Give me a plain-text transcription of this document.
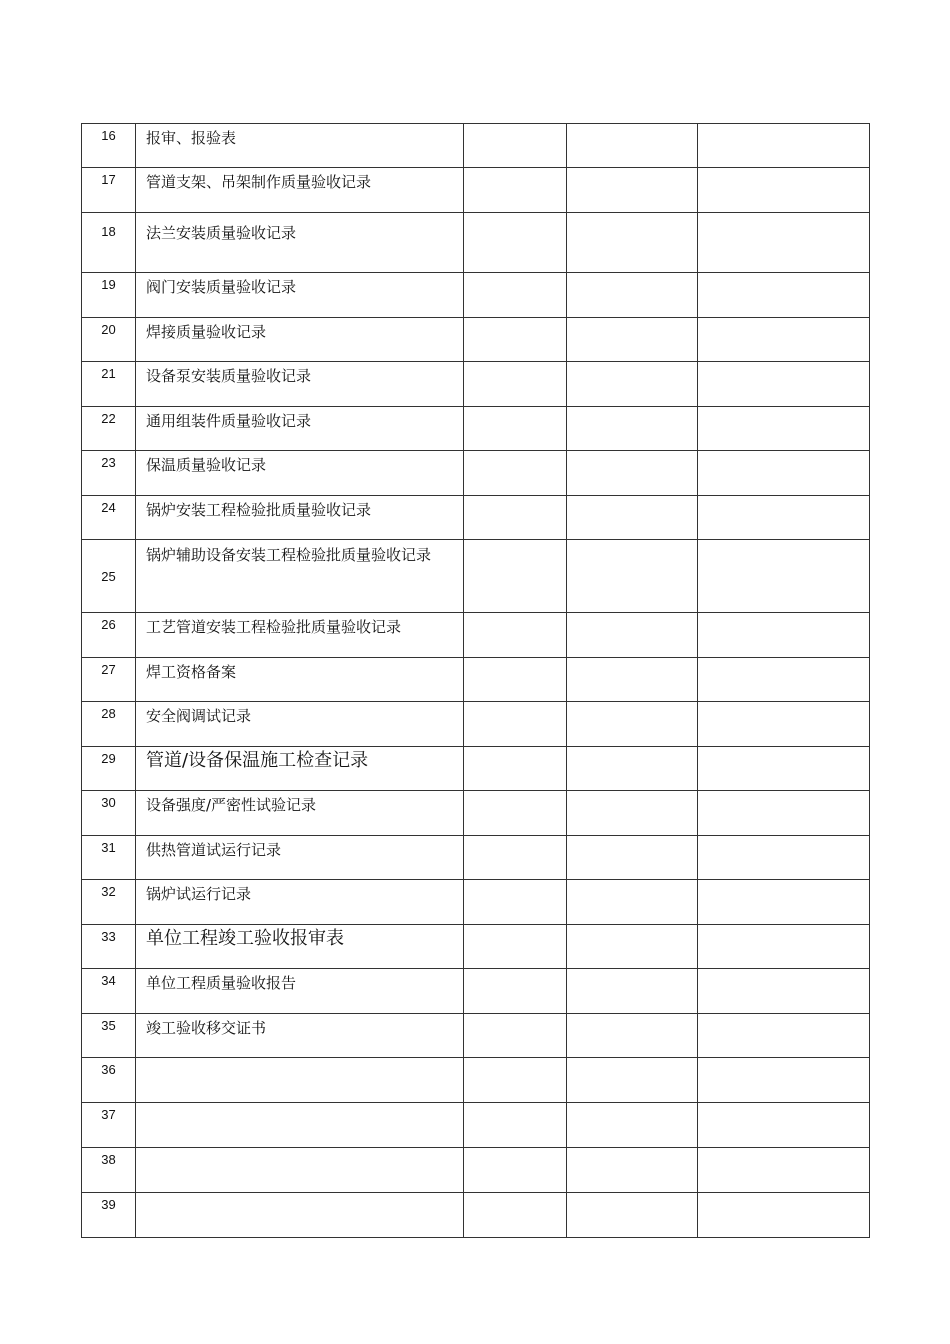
16	报审、报验表			
17	管道支架、吊架制作质量验收记录			
18	法兰安装质量验收记录			
19	阀门安装质量验收记录			
20	焊接质量验收记录			
21	设备泵安装质量验收记录			
22	通用组装件质量验收记录			
23	保温质量验收记录			
24	锅炉安装工程检验批质量验收记录			
25	锅炉辅助设备安装工程检验批质量验收记录			
26	工艺管道安装工程检验批质量验收记录			
27	焊工资格备案			
28	安全阀调试记录			
29	管道/设备保温施工检查记录			
30	设备强度/严密性试验记录			
31	供热管道试运行记录			
32	锅炉试运行记录			
33	单位工程竣工验收报审表			
34	单位工程质量验收报告			
35	竣工验收移交证书			
36				
37				
38				
39				
